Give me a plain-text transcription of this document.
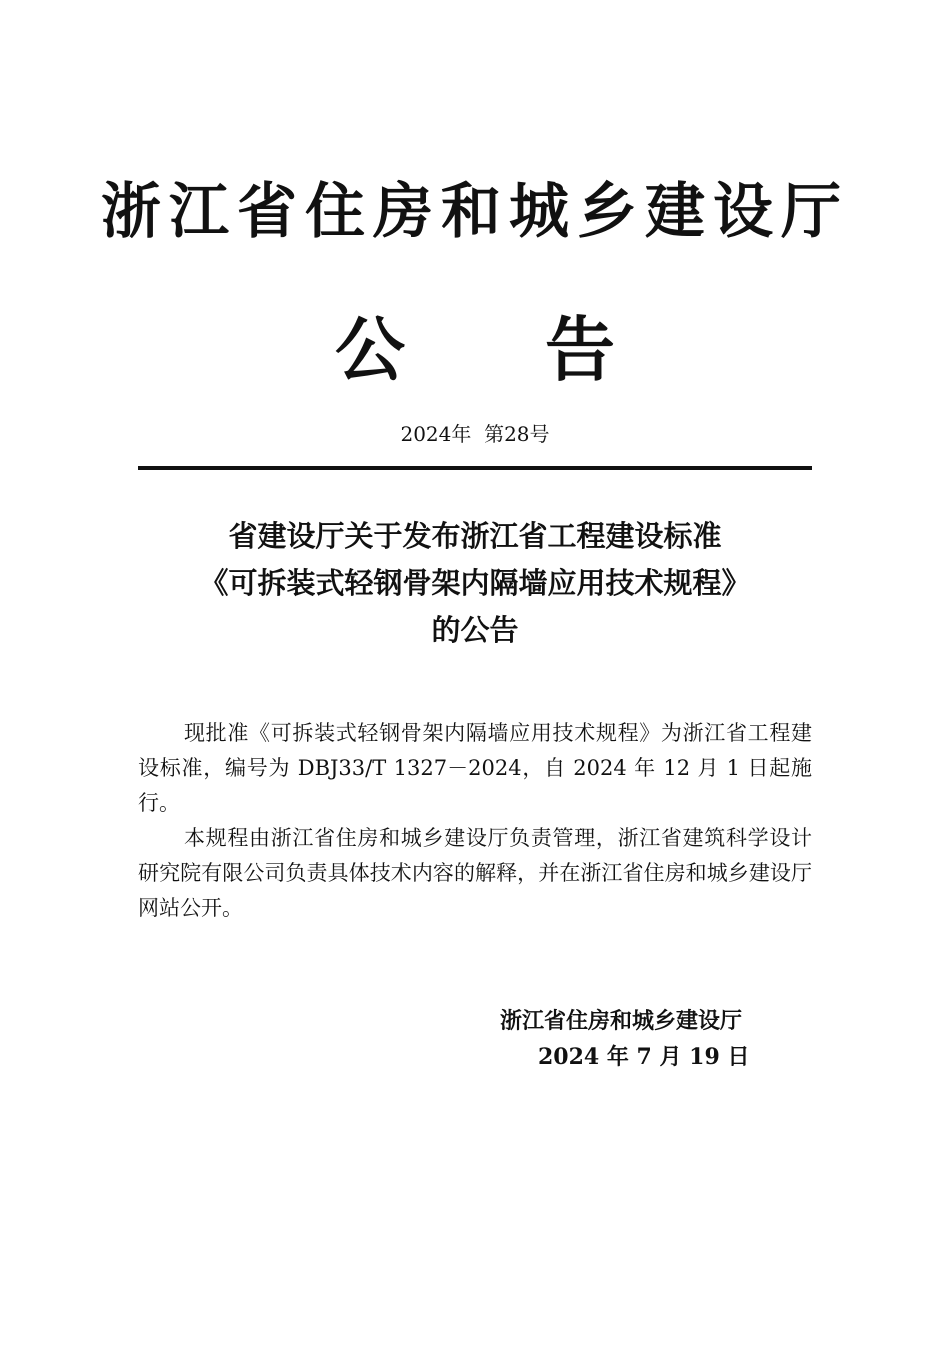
浙江省住房和城乡建设厅
公　　告
2024年  第28号
省建设厅关于发布浙江省工程建设标准
《可拆装式轻钢骨架内隔墙应用技术规程》
的公告

现批准《可拆装式轻钢骨架内隔墙应用技术规程》为浙江省工程建设标准，编号为 DBJ33/T 1327－2024，自 2024 年 12 月 1 日起施行。

本规程由浙江省住房和城乡建设厅负责管理，浙江省建筑科学设计研究院有限公司负责具体技术内容的解释，并在浙江省住房和城乡建设厅网站公开。

浙江省住房和城乡建设厅
2024 年 7 月 19 日
